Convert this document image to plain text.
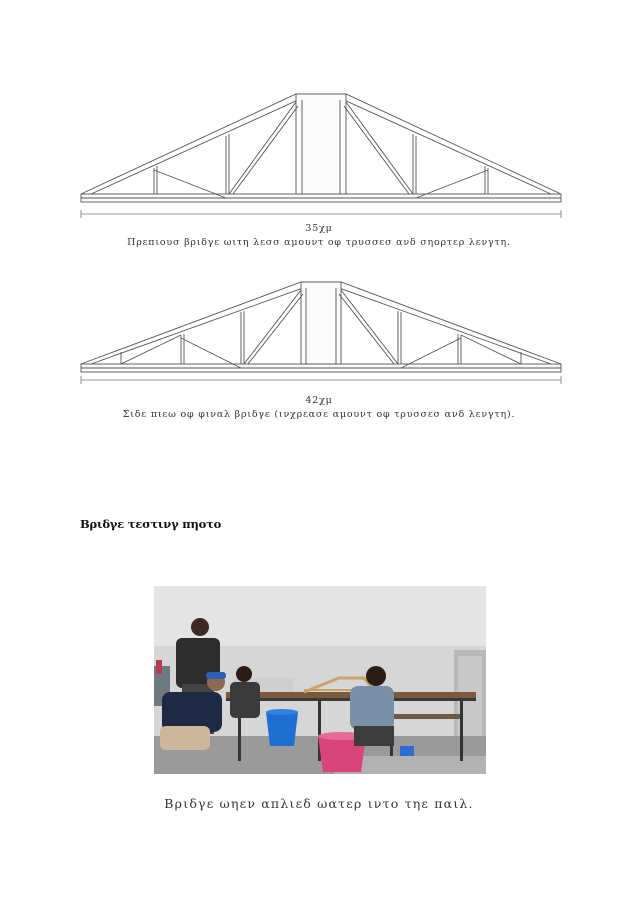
35χμ
Πρεπιουσ βριδγε ωιτη λεσσ αμουντ οφ τρυσσεσ ανδ σηορτερ λενγτη.
42χμ
Σιδε πιεω οφ φιναλ βριδγε (ινχρεασε αμουντ οφ τρυσσεσ ανδ λενγτη).
Βριδγε τεστινγ πηοτο
Βριδγε ωηεν απλιεδ ωατερ ιντο τηε παιλ.
